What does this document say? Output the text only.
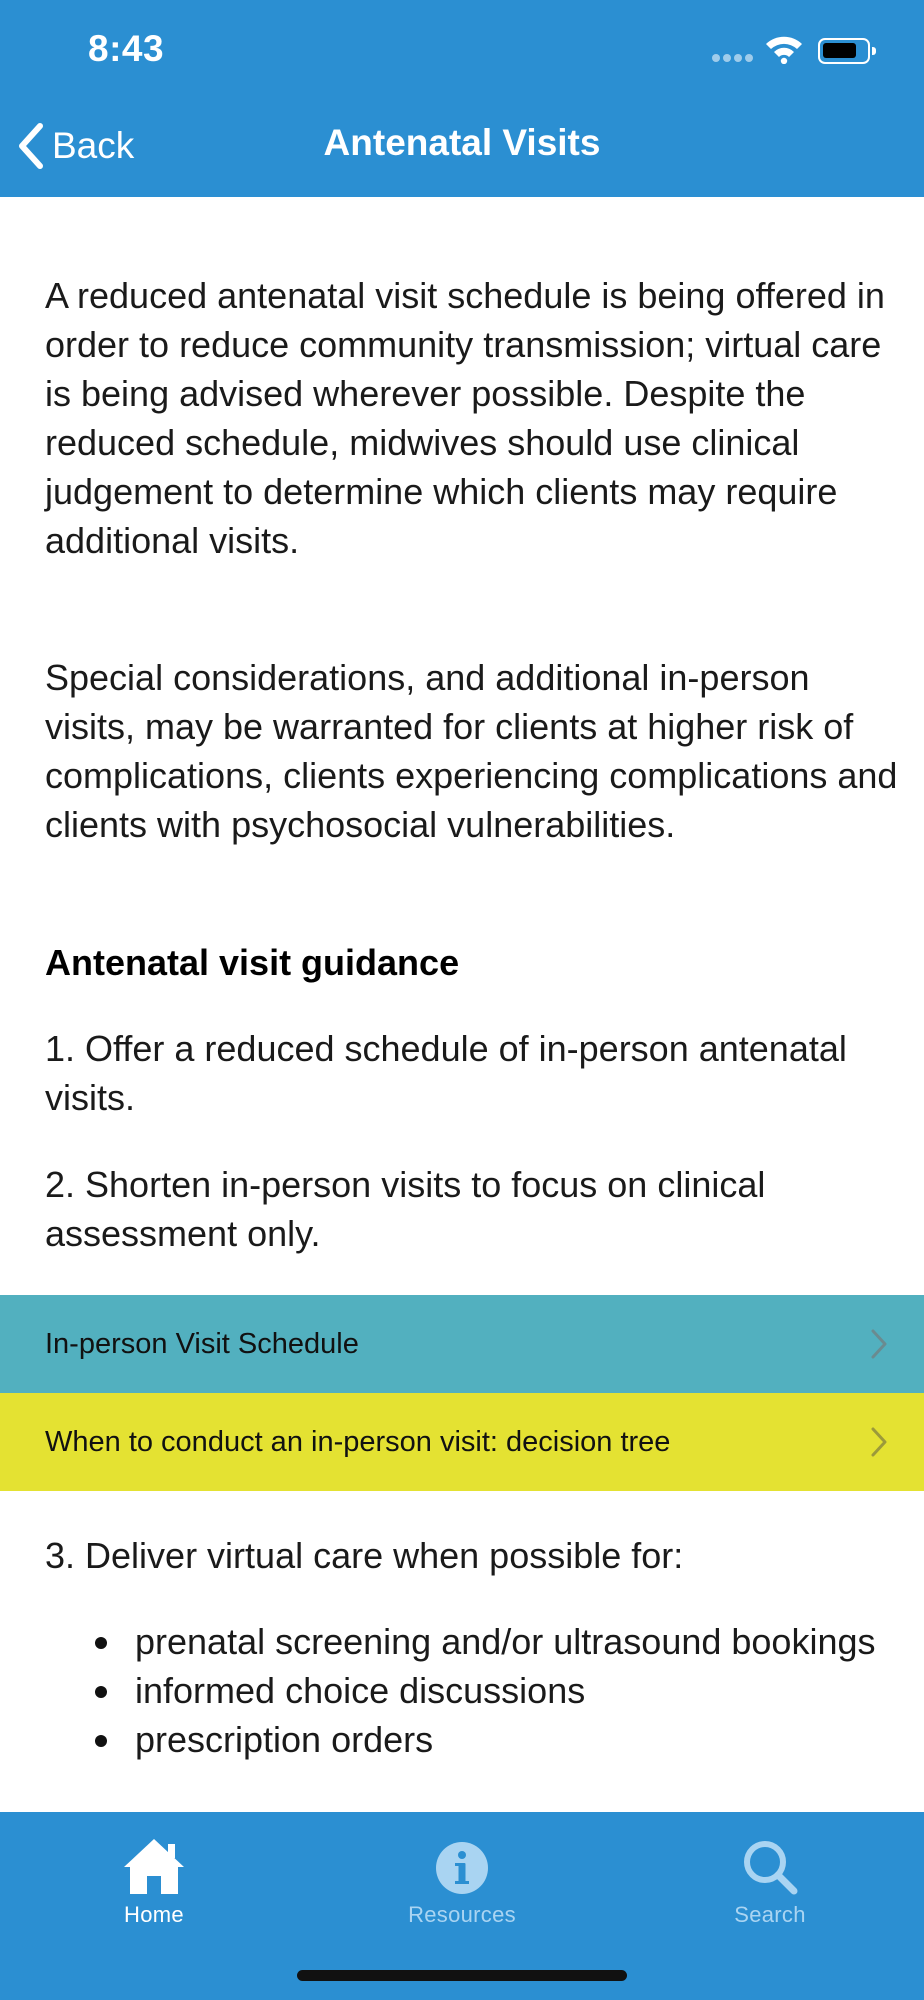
8:43
Back	Antenatal Visits

A reduced antenatal visit schedule is being offered in order to reduce community transmission; virtual care is being advised wherever possible. Despite the reduced schedule, midwives should use clinical judgement to determine which clients may require additional visits.

Special considerations, and additional in-person visits, may be warranted for clients at higher risk of complications, clients experiencing complications and clients with psychosocial vulnerabilities.

Antenatal visit guidance

1. Offer a reduced schedule of in-person antenatal visits.

2. Shorten in-person visits to focus on clinical assessment only.

In-person Visit Schedule
When to conduct an in-person visit: decision tree

3. Deliver virtual care when possible for:

prenatal screening and/or ultrasound bookings
informed choice discussions
prescription orders
Home	Resources	Search
